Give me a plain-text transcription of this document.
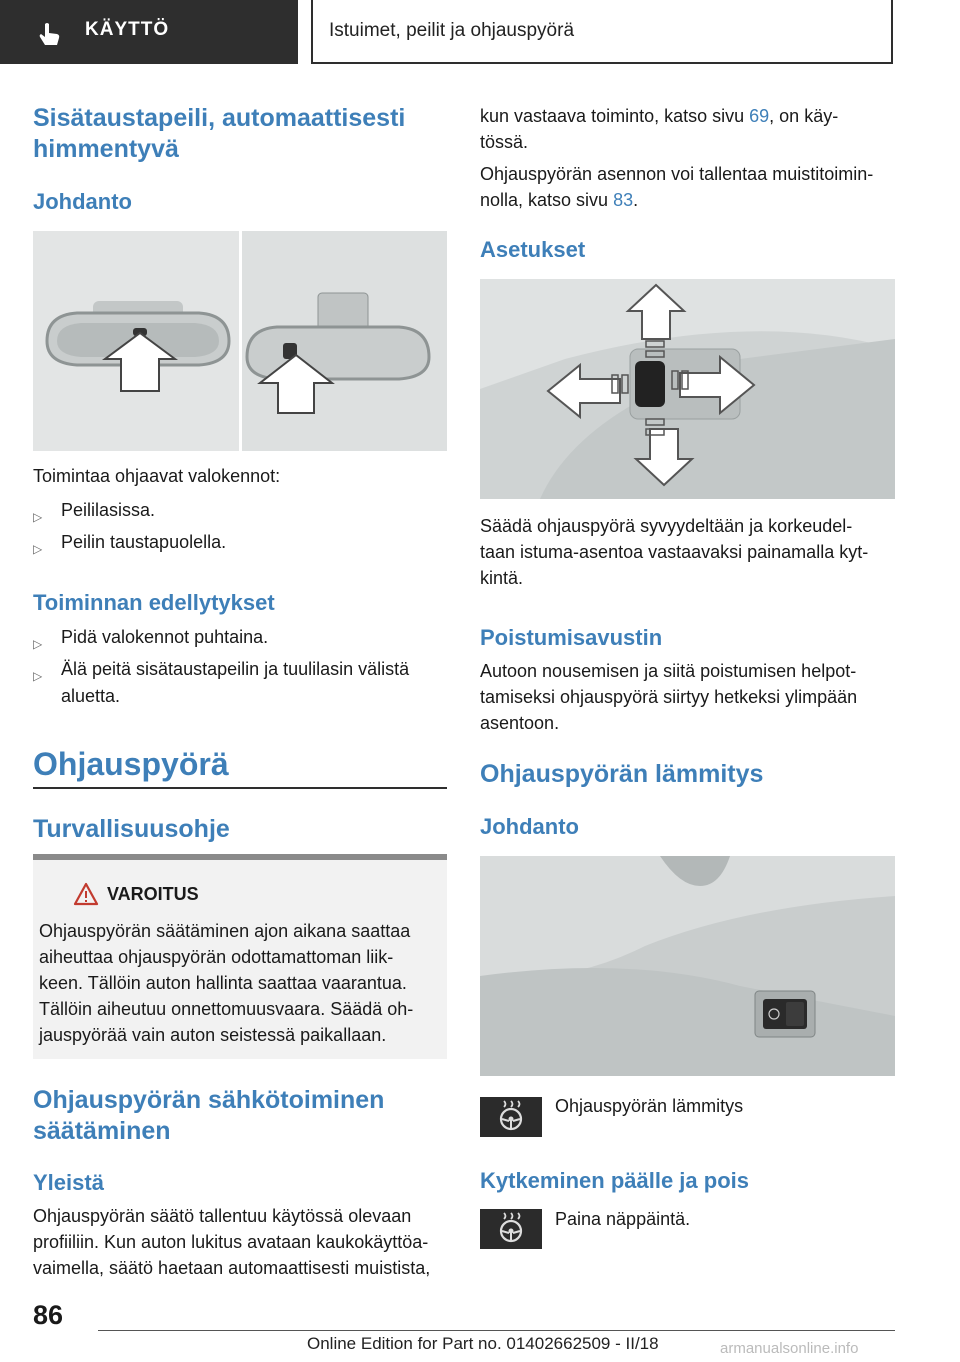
KÄYTTÖ	Istuimet, peilit ja ohjauspyörä
Sisätaustapeili, automaattisesti
himmentyvä
Johdanto
Toimintaa ohjaavat valokennot:
▷ Peililasissa.
▷ Peilin taustapuolella.
Toiminnan edellytykset
▷ Pidä valokennot puhtaina.
▷ Älä peitä sisätaustapeilin ja tuulilasin välistä
aluetta.
Ohjauspyörä
Turvallisuusohje
VAROITUS
Ohjauspyörän säätäminen ajon aikana saattaa
aiheuttaa ohjauspyörän odottamattoman liik-
keen. Tällöin auton hallinta saattaa vaarantua.
Tällöin aiheutuu onnettomuusvaara. Säädä oh-
jauspyörää vain auton seistessä paikallaan.
Ohjauspyörän sähkötoiminen
säätäminen
Yleistä
Ohjauspyörän säätö tallentuu käytössä olevaan
profiiliin. Kun auton lukitus avataan kaukokäyttöa-
vaimella, säätö haetaan automaattisesti muistista,
kun vastaava toiminto, katso sivu 69, on käy-
tössä.
Ohjauspyörän asennon voi tallentaa muistitoimin-
nolla, katso sivu 83.
Asetukset
Säädä ohjauspyörä syvyydeltään ja korkeudel-
taan istuma-asentoa vastaavaksi painamalla kyt-
kintä.
Poistumisavustin
Autoon nousemisen ja siitä poistumisen helpot-
tamiseksi ohjauspyörä siirtyy hetkeksi ylimpään
asentoon.
Ohjauspyörän lämmitys
Johdanto
Ohjauspyörän lämmitys
Kytkeminen päälle ja pois
Paina näppäintä.
86
Online Edition for Part no. 01402662509 - II/18	armanualsonline.info
